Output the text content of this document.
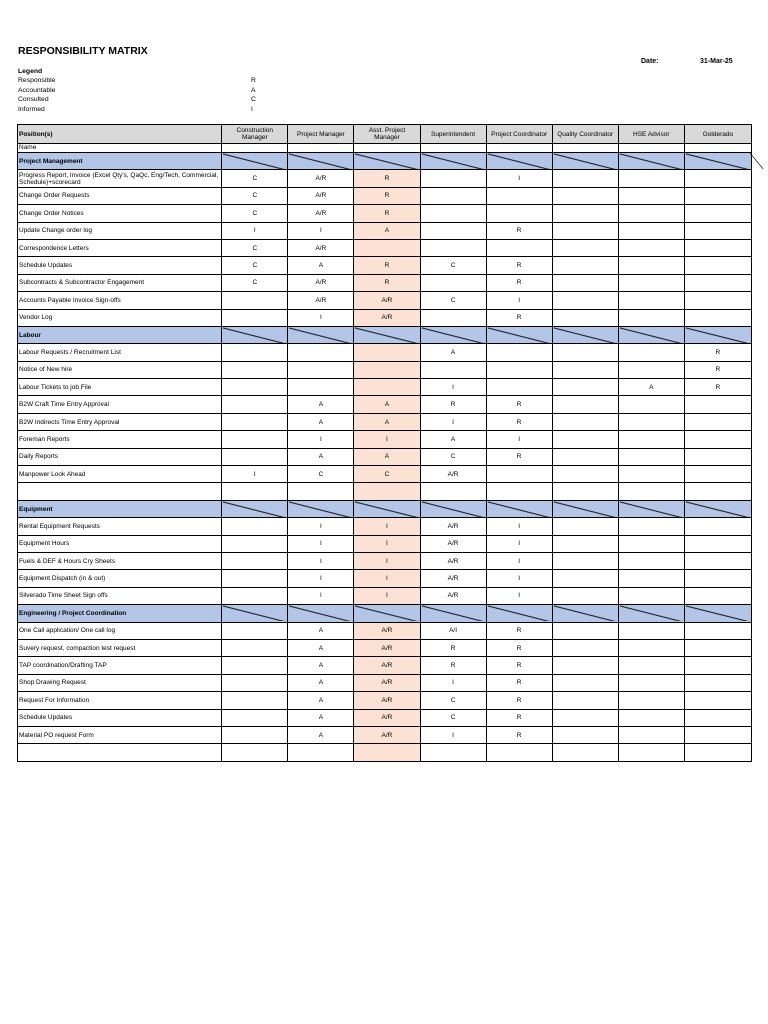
RESPONSIBILITY MATRIX
Date:	31-Mar-25
Legend
Responsible	R
Accountable	A
Consulted	C
Informed	I
Position(s)	Construction Manager	Project Manager	Asst. Project Manager	Superintendent	Project Coordinator	Quality Coordinator	HSE Advisor	Golderado
Name								
Project Management	

Progress Report, Invoice (Excel Qty's, QaQc, Eng/Tech, Commercial, Schedule)+scorecard	C	A/R	R		I			
Change Order Requests	C	A/R	R					
Change Order Notices	C	A/R	R					
Update Change order log	I	I	A		R			
Correspondence Letters	C	A/R						
Schedule Updates	C	A	R	C	R			
Subcontracts & Subcontractor Engagement	C	A/R	R		R			
Accounts Payable Invoice Sign-offs		A/R	A/R	C	I			
Vendor Log		I	A/R		R			
Labour	

Labour Requests / Recruitment List				A				R
Notice of New hire								R
Labour Tickets to job File				I			A	R
B2W Craft Time Entry Approval		A	A	R	R			
B2W Indirects Time Entry Approval		A	A	I	R			
Foreman Reports		I	I	A	I			
Daily Reports		A	A	C	R			
Manpower Look Ahead	I	C	C	A/R				

Equipment	

Rental Equipment Requests		I	I	A/R	I			
Equipment Hours		I	I	A/R	I			
Fuels & DEF & Hours Cry Sheets		I	I	A/R	I			
Equipment Dispatch (in & out)		I	I	A/R	I			
Silverado Time Sheet Sign offs		I	I	A/R	I			
Engineering / Project Coordination	

One Call application/ One call log		A	A/R	A/I	R			
Suvery request, compaction test request		A	A/R	R	R			
TAP coordination/Drafting TAP		A	A/R	R	R			
Shop Drawing Request		A	A/R	I	R			
Request For Information		A	A/R	C	R			
Schedule Updates		A	A/R	C	R			
Material PO request Form		A	A/R	I	R			
